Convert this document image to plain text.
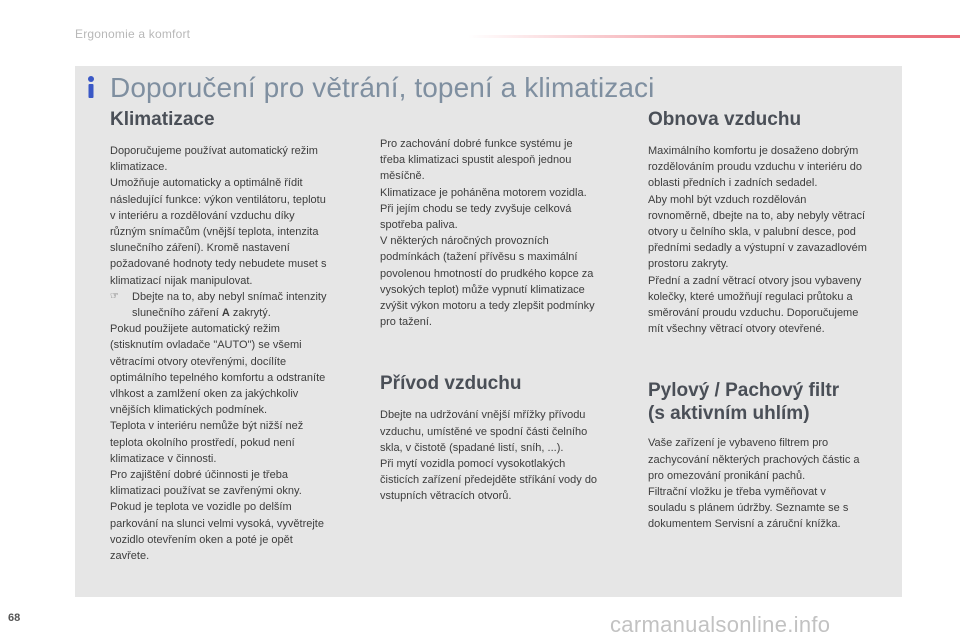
Ergonomie a komfort
Doporučení pro větrání, topení a klimatizaci
Klimatizace

Doporučujeme používat automatický režim

klimatizace.

Umožňuje automaticky a optimálně řídit

následující funkce: výkon ventilátoru, teplotu

v interiéru a rozdělování vzduchu díky

různým snímačům (vnější teplota, intenzita

slunečního záření). Kromě nastavení

požadované hodnoty tedy nebudete muset s

klimatizací nijak manipulovat.

☞ Dbejte na to, aby nebyl snímač intenzity
slunečního záření A zakrytý.

Pokud použijete automatický režim

(stisknutím ovladače "AUTO") se všemi

větracími otvory otevřenými, docílíte

optimálního tepelného komfortu a odstraníte

vlhkost a zamlžení oken za jakýchkoliv

vnějších klimatických podmínek.

Teplota v interiéru nemůže být nižší než

teplota okolního prostředí, pokud není

klimatizace v činnosti.

Pro zajištění dobré účinnosti je třeba

klimatizaci používat se zavřenými okny.

Pokud je teplota ve vozidle po delším

parkování na slunci velmi vysoká, vyvětrejte

vozidlo otevřením oken a poté je opět

zavřete.

Pro zachování dobré funkce systému je

třeba klimatizaci spustit alespoň jednou

měsíčně.

Klimatizace je poháněna motorem vozidla.

Při jejím chodu se tedy zvyšuje celková

spotřeba paliva.

V některých náročných provozních

podmínkách (tažení přívěsu s maximální

povolenou hmotností do prudkého kopce za

vysokých teplot) může vypnutí klimatizace

zvýšit výkon motoru a tedy zlepšit podmínky

pro tažení.

Přívod vzduchu

Dbejte na udržování vnější mřížky přívodu

vzduchu, umístěné ve spodní části čelního

skla, v čistotě (spadané listí, sníh, ...).

Při mytí vozidla pomocí vysokotlakých

čisticích zařízení předejděte stříkání vody do

vstupních větracích otvorů.

Obnova vzduchu

Maximálního komfortu je dosaženo dobrým

rozdělováním proudu vzduchu v interiéru do

oblasti předních i zadních sedadel.

Aby mohl být vzduch rozdělován

rovnoměrně, dbejte na to, aby nebyly větrací

otvory u čelního skla, v palubní desce, pod

předními sedadly a výstupní v zavazadlovém

prostoru zakryty.

Přední a zadní větrací otvory jsou vybaveny

kolečky, které umožňují regulaci průtoku a

směrování proudu vzduchu. Doporučujeme

mít všechny větrací otvory otevřené.

Pylový / Pachový filtr
(s aktivním uhlím)

Vaše zařízení je vybaveno filtrem pro

zachycování některých prachových částic a

pro omezování pronikání pachů.

Filtrační vložku je třeba vyměňovat v

souladu s plánem údržby. Seznamte se s

dokumentem Servisní a záruční knížka.

68	carmanualsonline.info
